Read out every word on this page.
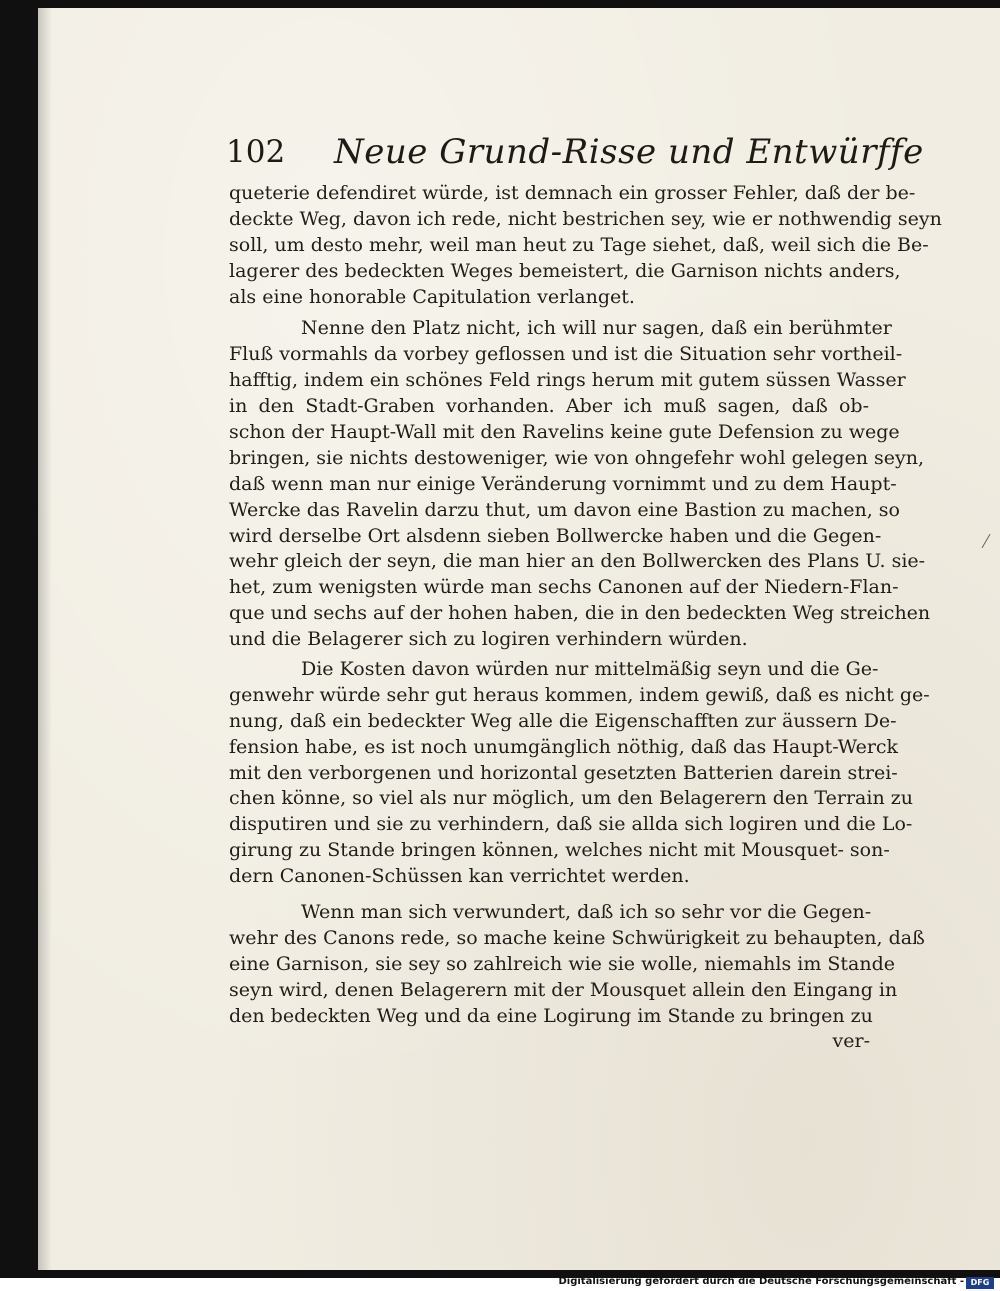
102 Neue Grund-Risse und Entwürffe
queterie defendiret würde, ist demnach ein grosser Fehler, daß der be-
deckte Weg, davon ich rede, nicht bestrichen sey, wie er nothwendig seyn
soll, um desto mehr, weil man heut zu Tage siehet, daß, weil sich die Be-
lagerer des bedeckten Weges bemeistert, die Garnison nichts anders,
als eine honorable Capitulation verlanget.
Nenne den Platz nicht, ich will nur sagen, daß ein berühmter
Fluß vormahls da vorbey geflossen und ist die Situation sehr vortheil-
hafftig, indem ein schönes Feld rings herum mit gutem süssen Wasser
in den Stadt-Graben vorhanden. Aber ich muß sagen, daß ob-
schon der Haupt-Wall mit den Ravelins keine gute Defension zu wege
bringen, sie nichts destoweniger, wie von ohngefehr wohl gelegen seyn,
daß wenn man nur einige Veränderung vornimmt und zu dem Haupt-
Wercke das Ravelin darzu thut, um davon eine Bastion zu machen, so
wird derselbe Ort alsdenn sieben Bollwercke haben und die Gegen-
wehr gleich der seyn, die man hier an den Bollwercken des Plans U. sie-
het, zum wenigsten würde man sechs Canonen auf der Niedern-Flan-
que und sechs auf der hohen haben, die in den bedeckten Weg streichen
und die Belagerer sich zu logiren verhindern würden.
Die Kosten davon würden nur mittelmäßig seyn und die Ge-
genwehr würde sehr gut heraus kommen, indem gewiß, daß es nicht ge-
nung, daß ein bedeckter Weg alle die Eigenschafften zur äussern De-
fension habe, es ist noch unumgänglich nöthig, daß das Haupt-Werck
mit den verborgenen und horizontal gesetzten Batterien darein strei-
chen könne, so viel als nur möglich, um den Belagerern den Terrain zu
disputiren und sie zu verhindern, daß sie allda sich logiren und die Lo-
girung zu Stande bringen können, welches nicht mit Mousquet- son-
dern Canonen-Schüssen kan verrichtet werden.
Wenn man sich verwundert, daß ich so sehr vor die Gegen-
wehr des Canons rede, so mache keine Schwürigkeit zu behaupten, daß
eine Garnison, sie sey so zahlreich wie sie wolle, niemahls im Stande
seyn wird, denen Belagerern mit der Mousquet allein den Eingang in
den bedeckten Weg und da eine Logirung im Stande zu bringen zu
ver-
Digitalisierung gefördert durch die Deutsche Forschungsgemeinschaft - DFG
